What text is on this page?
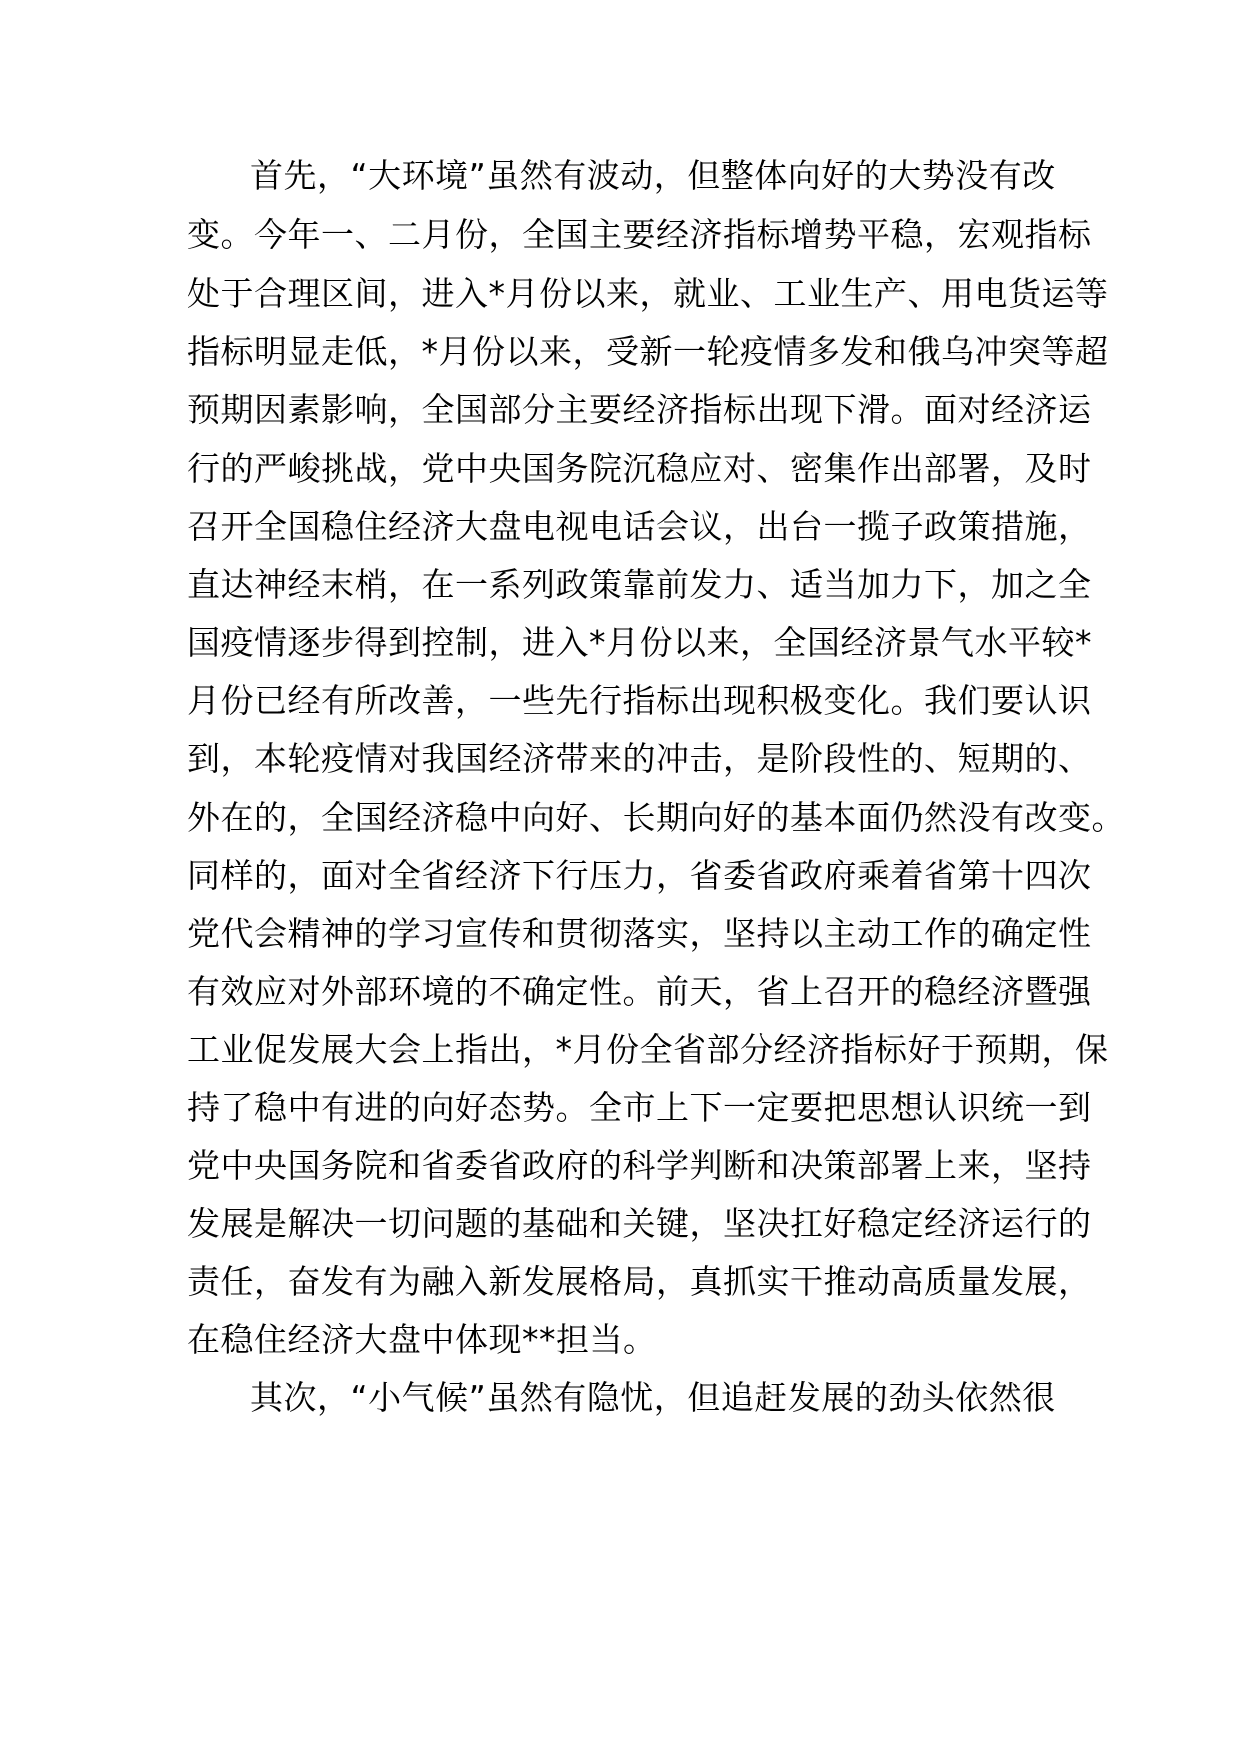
首先，“大环境”虽然有波动，但整体向好的大势没有改
变。今年一、二月份，全国主要经济指标增势平稳，宏观指标
处于合理区间，进入*月份以来，就业、工业生产、用电货运等
指标明显走低，*月份以来，受新一轮疫情多发和俄乌冲突等超
预期因素影响，全国部分主要经济指标出现下滑。面对经济运
行的严峻挑战，党中央国务院沉稳应对、密集作出部署，及时
召开全国稳住经济大盘电视电话会议，出台一揽子政策措施，
直达神经末梢，在一系列政策靠前发力、适当加力下，加之全
国疫情逐步得到控制，进入*月份以来，全国经济景气水平较*
月份已经有所改善，一些先行指标出现积极变化。我们要认识
到，本轮疫情对我国经济带来的冲击，是阶段性的、短期的、
外在的，全国经济稳中向好、长期向好的基本面仍然没有改变。
同样的，面对全省经济下行压力，省委省政府乘着省第十四次
党代会精神的学习宣传和贯彻落实，坚持以主动工作的确定性
有效应对外部环境的不确定性。前天，省上召开的稳经济暨强
工业促发展大会上指出，*月份全省部分经济指标好于预期，保
持了稳中有进的向好态势。全市上下一定要把思想认识统一到
党中央国务院和省委省政府的科学判断和决策部署上来，坚持
发展是解决一切问题的基础和关键，坚决扛好稳定经济运行的
责任，奋发有为融入新发展格局，真抓实干推动高质量发展，
在稳住经济大盘中体现**担当。
其次，“小气候”虽然有隐忧，但追赶发展的劲头依然很
